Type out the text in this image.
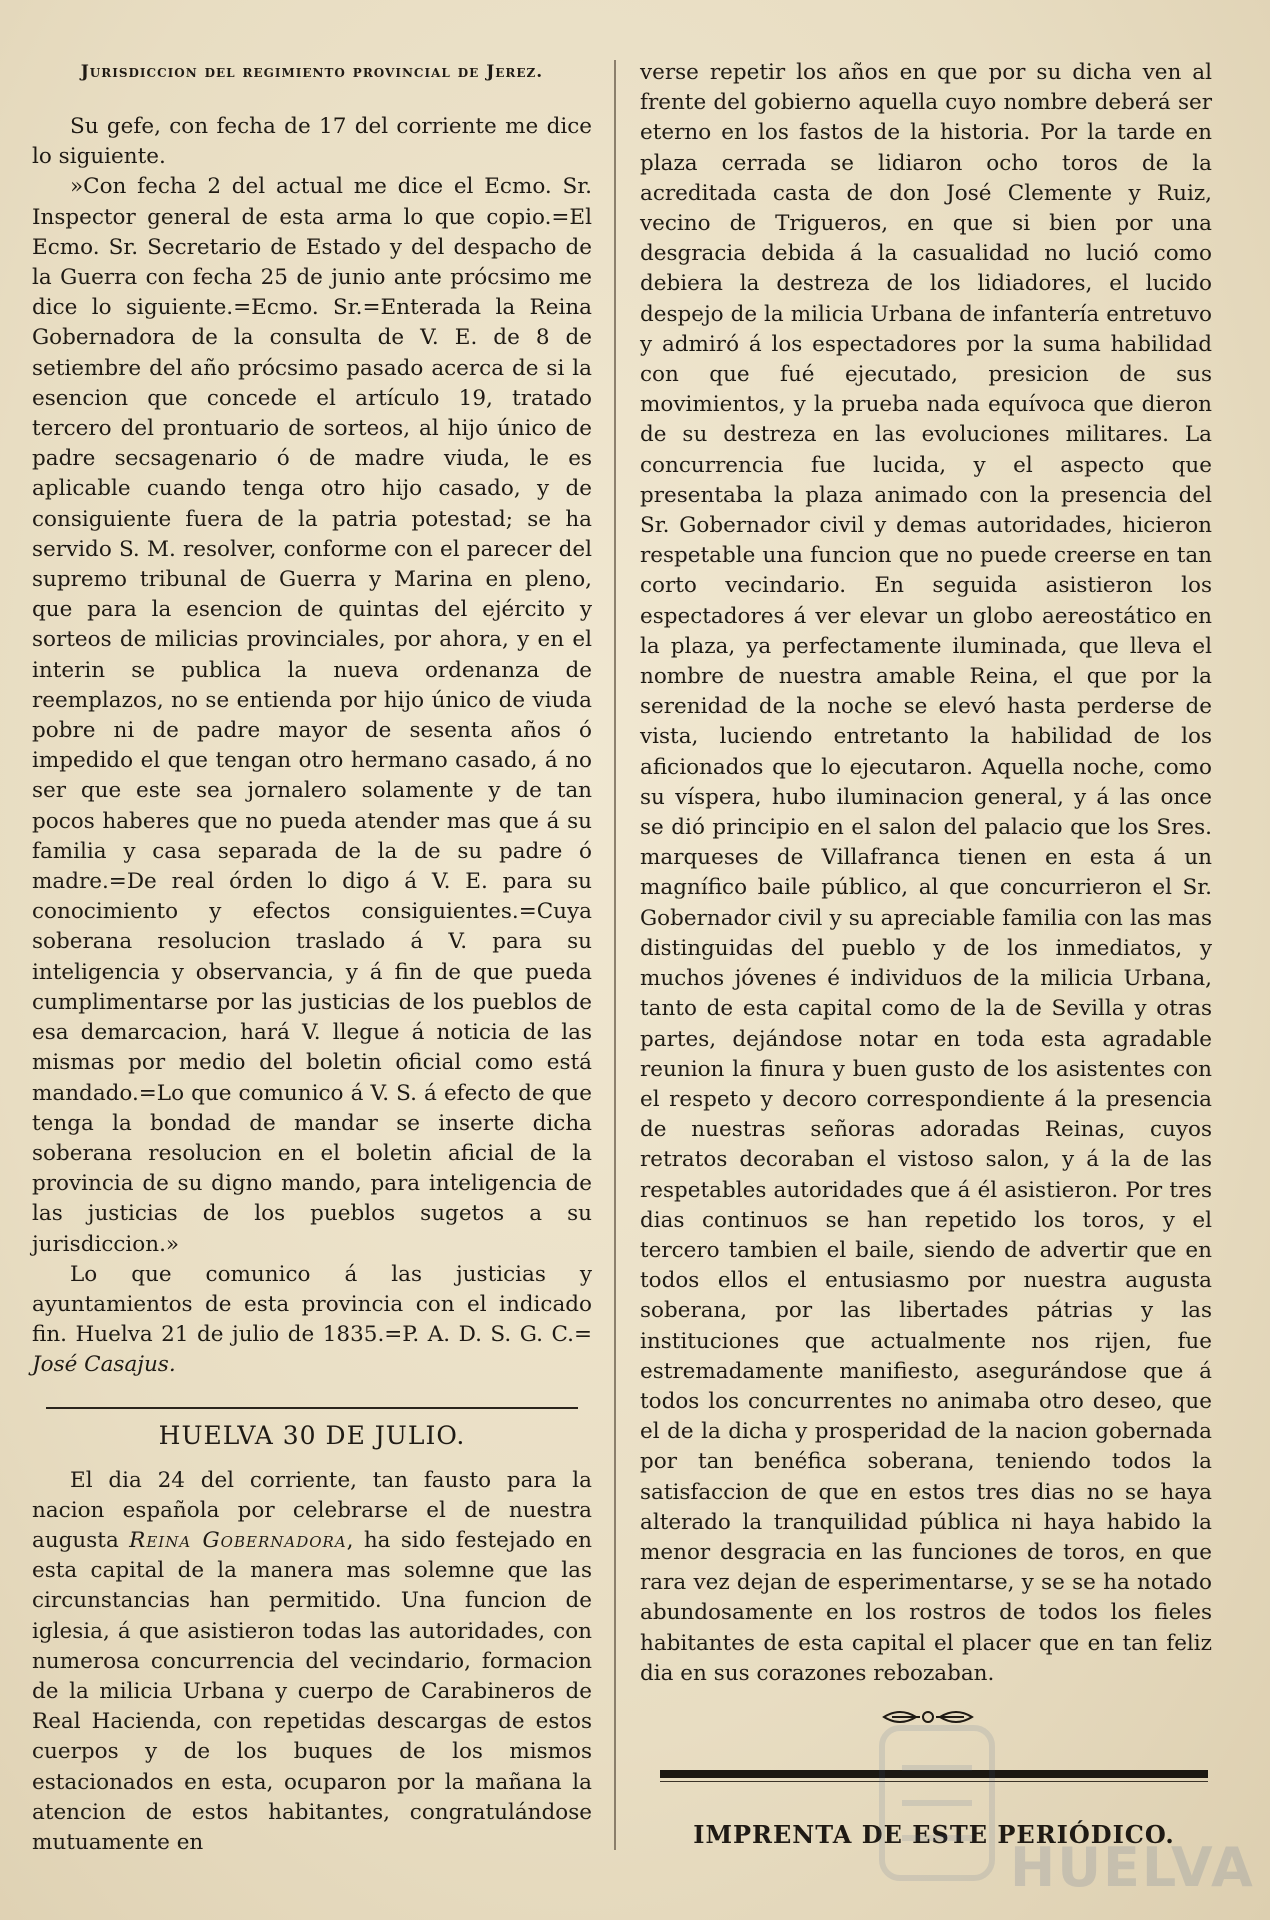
Jurisdiccion del regimiento provincial de Jerez.

Su gefe, con fecha de 17 del corriente me dice lo siguiente.

»Con fecha 2 del actual me dice el Ecmo. Sr. Inspector general de esta arma lo que copio.=El Ecmo. Sr. Secretario de Estado y del despacho de la Guerra con fecha 25 de junio ante prócsimo me dice lo siguiente.=Ecmo. Sr.=Enterada la Reina Gobernadora de la consulta de V. E. de 8 de setiembre del año prócsimo pasado acerca de si la esencion que concede el artículo 19, tratado tercero del prontuario de sorteos, al hijo único de padre secsagenario ó de madre viuda, le es aplicable cuando tenga otro hijo casado, y de consiguiente fuera de la patria potestad; se ha servido S. M. resolver, conforme con el parecer del supremo tribunal de Guerra y Marina en pleno, que para la esencion de quintas del ejército y sorteos de milicias provinciales, por ahora, y en el interin se publica la nueva ordenanza de reemplazos, no se entienda por hijo único de viuda pobre ni de padre mayor de sesenta años ó impedido el que tengan otro hermano casado, á no ser que este sea jornalero solamente y de tan pocos haberes que no pueda atender mas que á su familia y casa separada de la de su padre ó madre.=De real órden lo digo á V. E. para su conocimiento y efectos consiguientes.=Cuya soberana resolucion traslado á V. para su inteligencia y observancia, y á fin de que pueda cumplimentarse por las justicias de los pueblos de esa demarcacion, hará V. llegue á noticia de las mismas por medio del boletin oficial como está mandado.=Lo que comunico á V. S. á efecto de que tenga la bondad de mandar se inserte dicha soberana resolucion en el boletin aficial de la provincia de su digno mando, para inteligencia de las justicias de los pueblos sugetos a su jurisdiccion.»

Lo que comunico á las justicias y ayuntamientos de esta provincia con el indicado fin. Huelva 21 de julio de 1835.=P. A. D. S. G. C.= José Casajus.

HUELVA 30 DE JULIO.

El dia 24 del corriente, tan fausto para la nacion española por celebrarse el de nuestra augusta Reina Gobernadora, ha sido festejado en esta capital de la manera mas solemne que las circunstancias han permitido. Una funcion de iglesia, á que asistieron todas las autoridades, con numerosa concurrencia del vecindario, formacion de la milicia Urbana y cuerpo de Carabineros de Real Hacienda, con repetidas descargas de estos cuerpos y de los buques de los mismos estacionados en esta, ocuparon por la mañana la atencion de estos habitantes, congratulándose mutuamente en

verse repetir los años en que por su dicha ven al frente del gobierno aquella cuyo nombre deberá ser eterno en los fastos de la historia. Por la tarde en plaza cerrada se lidiaron ocho toros de la acreditada casta de don José Clemente y Ruiz, vecino de Trigueros, en que si bien por una desgracia debida á la casualidad no lució como debiera la destreza de los lidiadores, el lucido despejo de la milicia Urbana de infantería entretuvo y admiró á los espectadores por la suma habilidad con que fué ejecutado, presicion de sus movimientos, y la prueba nada equívoca que dieron de su destreza en las evoluciones militares. La concurrencia fue lucida, y el aspecto que presentaba la plaza animado con la presencia del Sr. Gobernador civil y demas autoridades, hicieron respetable una funcion que no puede creerse en tan corto vecindario. En seguida asistieron los espectadores á ver elevar un globo aereostático en la plaza, ya perfectamente iluminada, que lleva el nombre de nuestra amable Reina, el que por la serenidad de la noche se elevó hasta perderse de vista, luciendo entretanto la habilidad de los aficionados que lo ejecutaron. Aquella noche, como su víspera, hubo iluminacion general, y á las once se dió principio en el salon del palacio que los Sres. marqueses de Villafranca tienen en esta á un magnífico baile público, al que concurrieron el Sr. Gobernador civil y su apreciable familia con las mas distinguidas del pueblo y de los inmediatos, y muchos jóvenes é individuos de la milicia Urbana, tanto de esta capital como de la de Sevilla y otras partes, dejándose notar en toda esta agradable reunion la finura y buen gusto de los asistentes con el respeto y decoro correspondiente á la presencia de nuestras señoras adoradas Reinas, cuyos retratos decoraban el vistoso salon, y á la de las respetables autoridades que á él asistieron. Por tres dias continuos se han repetido los toros, y el tercero tambien el baile, siendo de advertir que en todos ellos el entusiasmo por nuestra augusta soberana, por las libertades pátrias y las instituciones que actualmente nos rijen, fue estremadamente manifiesto, asegurándose que á todos los concurrentes no animaba otro deseo, que el de la dicha y prosperidad de la nacion gobernada por tan benéfica soberana, teniendo todos la satisfaccion de que en estos tres dias no se haya alterado la tranquilidad pública ni haya habido la menor desgracia en las funciones de toros, en que rara vez dejan de esperimentarse, y se se ha notado abundosamente en los rostros de todos los fieles habitantes de esta capital el placer que en tan feliz dia en sus corazones rebozaban.

IMPRENTA DE ESTE PERIÓDICO.

HUELVA
